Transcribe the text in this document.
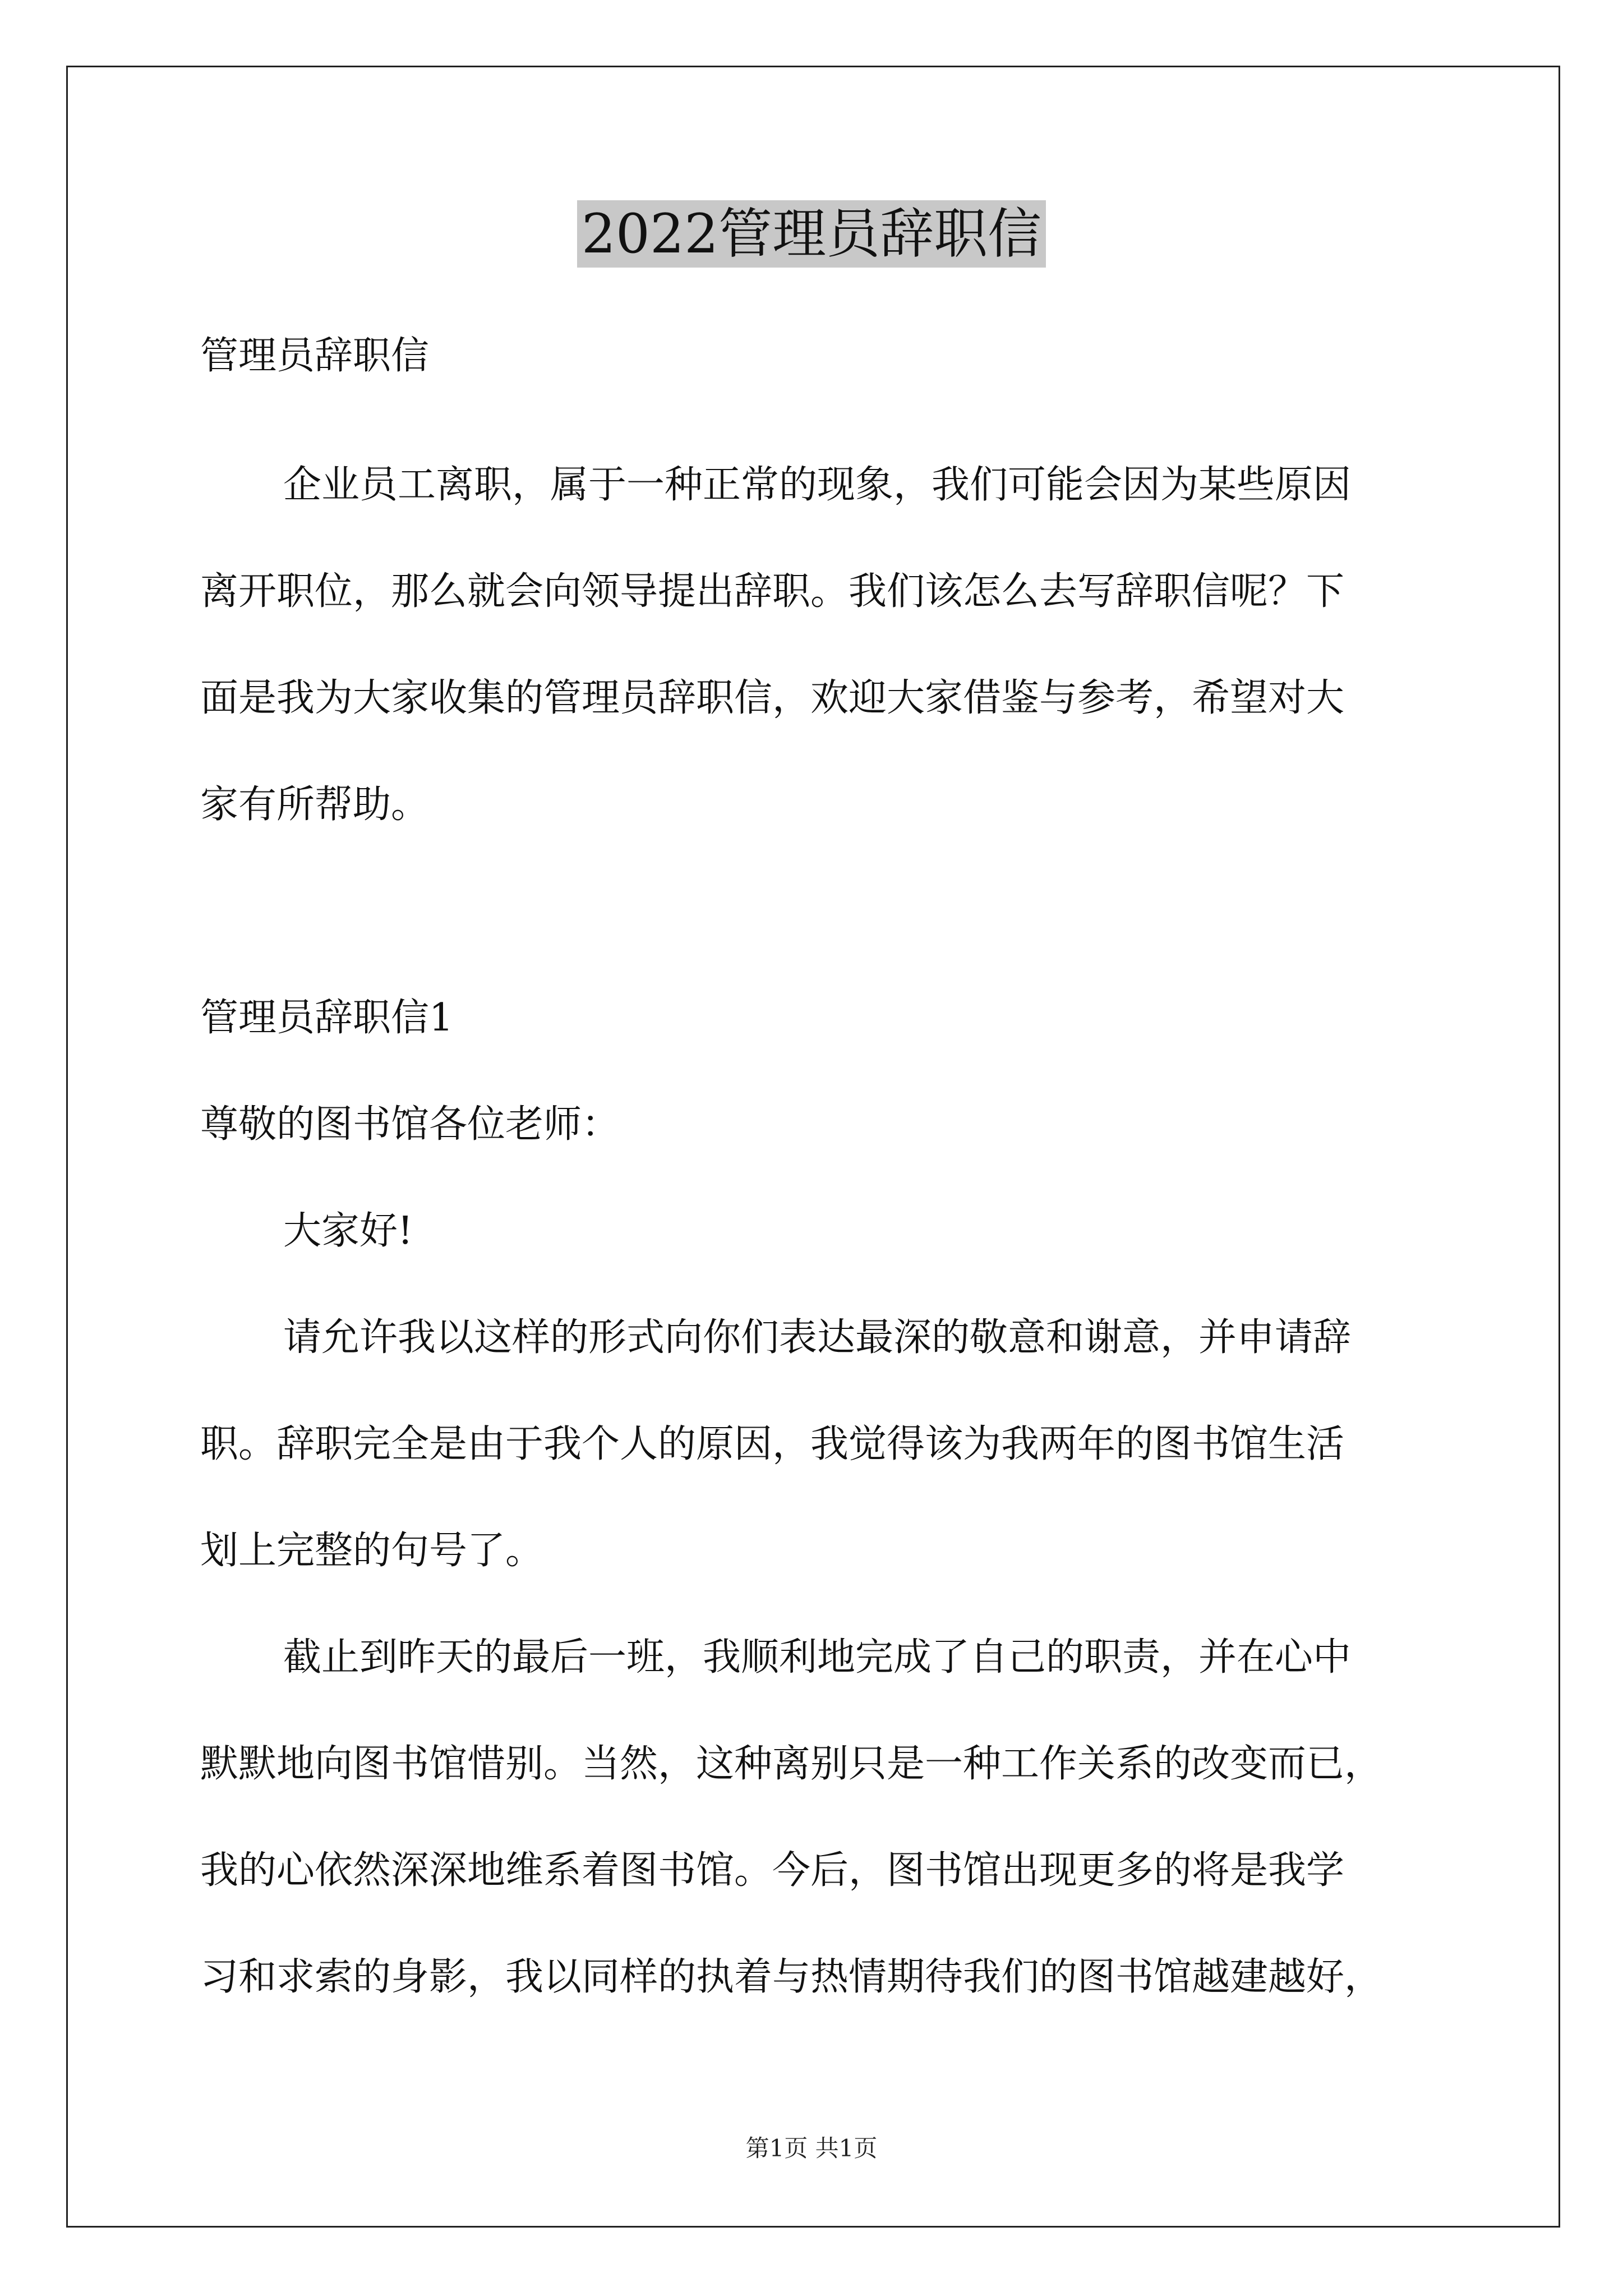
2022管理员辞职信
管理员辞职信
企业员工离职，属于一种正常的现象，我们可能会因为某些原因
离开职位，那么就会向领导提出辞职。我们该怎么去写辞职信呢？下
面是我为大家收集的管理员辞职信，欢迎大家借鉴与参考，希望对大
家有所帮助。
管理员辞职信1
尊敬的图书馆各位老师：
大家好!
请允许我以这样的形式向你们表达最深的敬意和谢意，并申请辞
职。辞职完全是由于我个人的原因，我觉得该为我两年的图书馆生活
划上完整的句号了。
截止到昨天的最后一班，我顺利地完成了自己的职责，并在心中
默默地向图书馆惜别。当然，这种离别只是一种工作关系的改变而已，
我的心依然深深地维系着图书馆。今后，图书馆出现更多的将是我学
习和求索的身影，我以同样的执着与热情期待我们的图书馆越建越好，
第1页 共1页
